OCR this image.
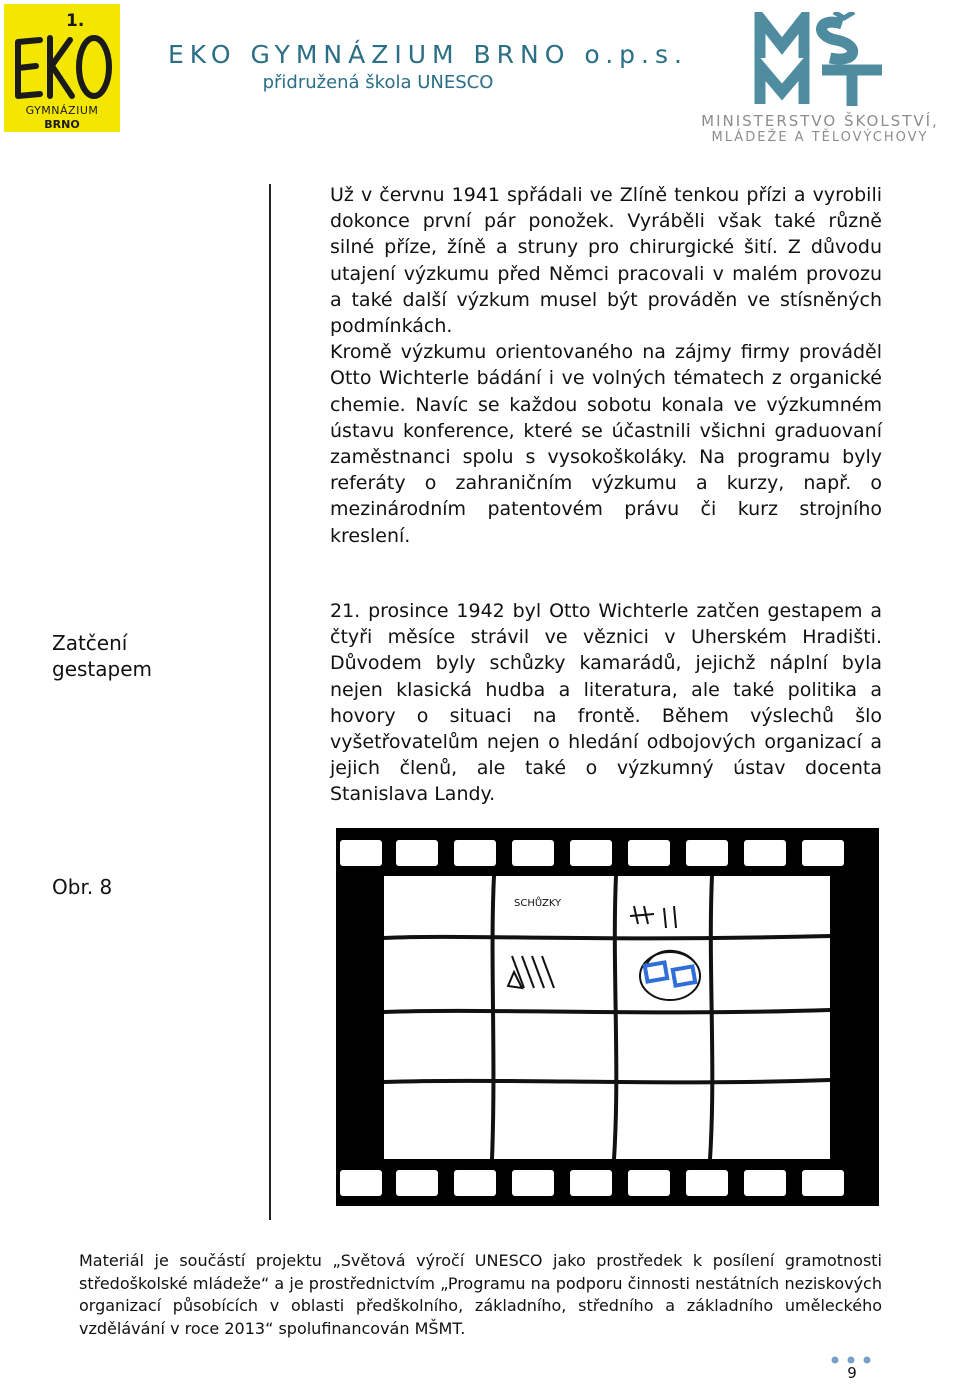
1.
GYMNÁZIUM
BRNO
EKO GYMNÁZIUM BRNO o.p.s.
přidružená škola UNESCO
MINISTERSTVO ŠKOLSTVÍ,
MLÁDEŽE A TĚLOVÝCHOVY
Zatčení gestapem
Obr. 8

Už v červnu 1941 spřádali ve Zlíně tenkou přízi a vyrobili dokonce první pár ponožek. Vyráběli však také různě silné příze, žíně a struny pro chirurgické šití. Z důvodu utajení výzkumu před Němci pracovali v malém provozu a také další výzkum musel být prováděn ve stísněných podmínkách.

Kromě výzkumu orientovaného na zájmy firmy prováděl Otto Wichterle bádání i ve volných tématech z organické chemie. Navíc se každou sobotu konala ve výzkumném ústavu konference, které se účastnili všichni graduovaní zaměstnanci spolu s vysokoškoláky. Na programu byly referáty o zahraničním výzkumu a kurzy, např. o mezinárodním patentovém právu či kurz strojního kreslení.

21. prosince 1942 byl Otto Wichterle zatčen gestapem a čtyři měsíce strávil ve věznici v Uherském Hradišti. Důvodem byly schůzky kamarádů, jejichž náplní byla nejen klasická hudba a literatura, ale také politika a hovory o situaci na frontě. Během výslechů šlo vyšetřovatelům nejen o hledání odbojových organizací a jejich členů, ale také o výzkumný ústav docenta Stanislava Landy.

SCHŮZKY
Materiál je součástí projektu „Světová výročí UNESCO jako prostředek k posílení gramotnosti středoškolské mládeže“ a je prostřednictvím „Programu na podporu činnosti nestátních neziskových organizací působících v oblasti předškolního, základního, středního a základního uměleckého vzdělávání v roce 2013“ spolufinancován MŠMT.
9
